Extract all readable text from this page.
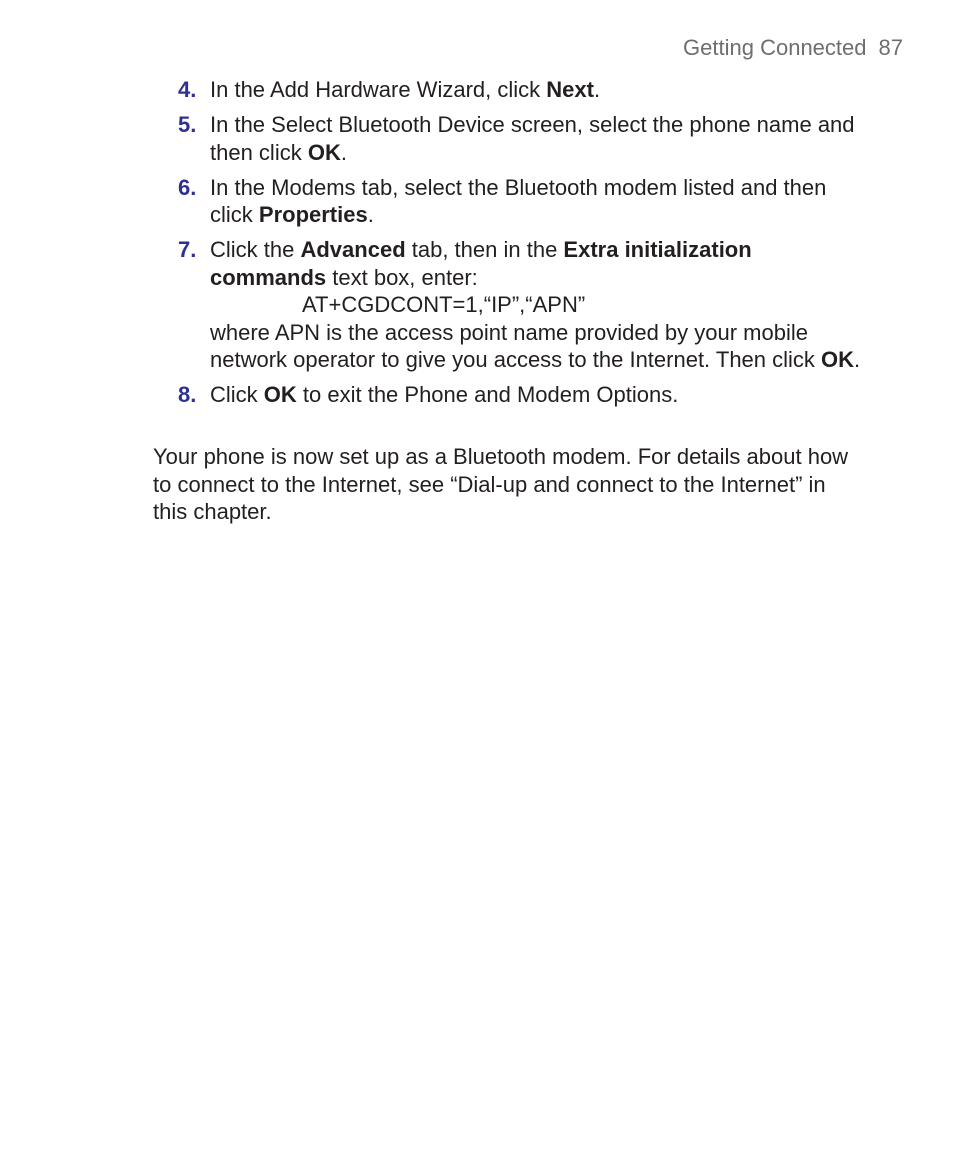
Getting Connected 87
4. In the Add Hardware Wizard, click Next.
5. In the Select Bluetooth Device screen, select the phone name and then click OK.
6. In the Modems tab, select the Bluetooth modem listed and then click Properties.
7. Click the Advanced tab, then in the Extra initialization commands text box, enter:
AT+CGDCONT=1,“IP”,“APN”
where APN is the access point name provided by your mobile network operator to give you access to the Internet. Then click OK.
8. Click OK to exit the Phone and Modem Options.

Your phone is now set up as a Bluetooth modem. For details about how to connect to the Internet, see “Dial-up and connect to the Internet” in this chapter.
